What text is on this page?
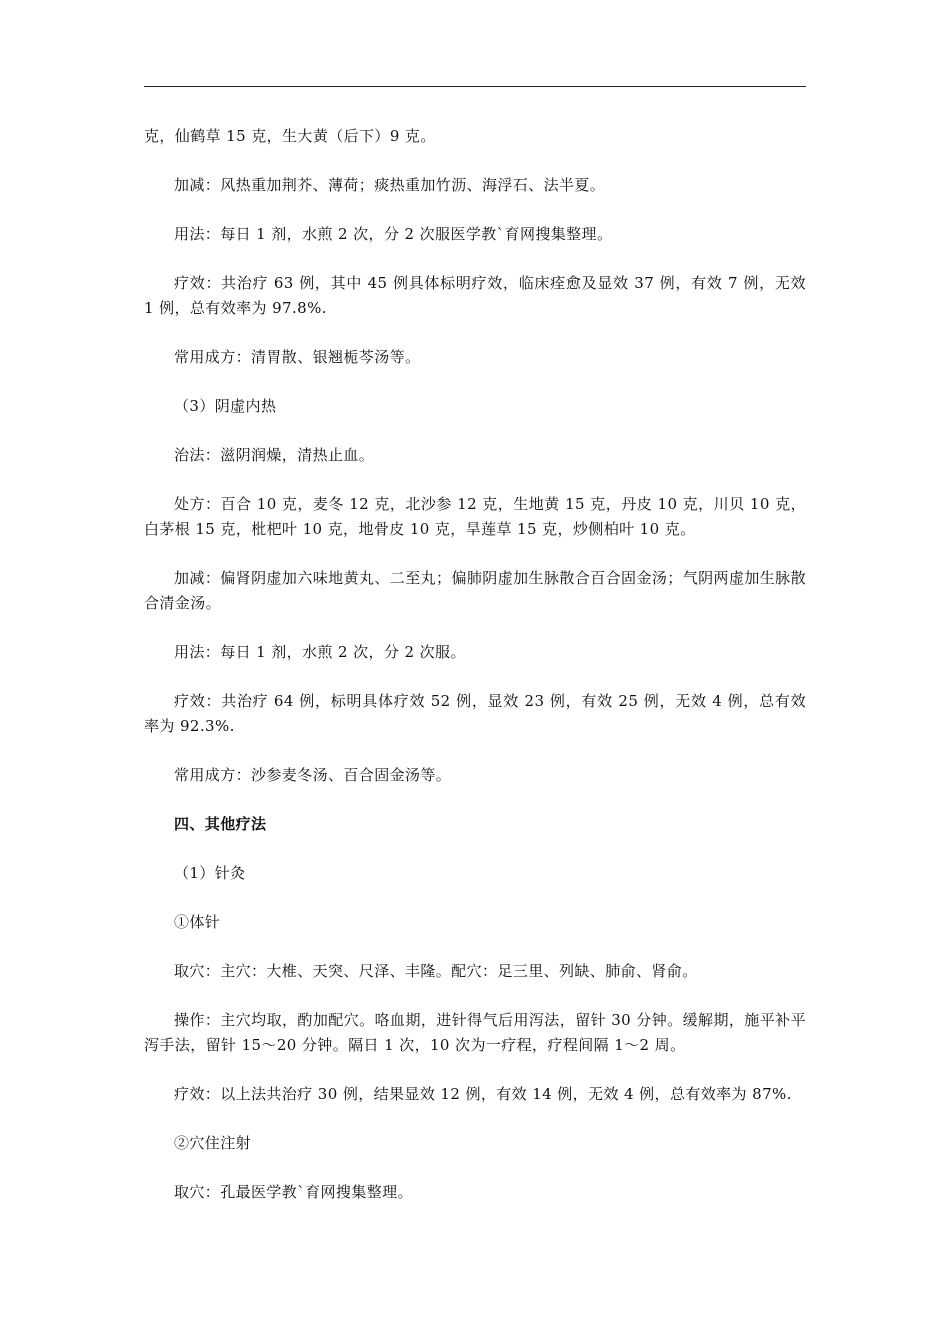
克，仙鹤草 15 克，生大黄（后下）9 克。

加减：风热重加荆芥、薄荷；痰热重加竹沥、海浮石、法半夏。

用法：每日 1 剂，水煎 2 次，分 2 次服医学教`育网搜集整理。

疗效：共治疗 63 例，其中 45 例具体标明疗效，临床痊愈及显效 37 例，有效 7 例，无效 1 例，总有效率为 97.8%.

常用成方：清胃散、银翘栀芩汤等。

（3）阴虚内热

治法：滋阴润燥，清热止血。

处方：百合 10 克，麦冬 12 克，北沙参 12 克，生地黄 15 克，丹皮 10 克，川贝 10 克，白茅根 15 克，枇杷叶 10 克，地骨皮 10 克，旱莲草 15 克，炒侧柏叶 10 克。

加减：偏肾阴虚加六味地黄丸、二至丸；偏肺阴虚加生脉散合百合固金汤；气阴两虚加生脉散合清金汤。

用法：每日 1 剂，水煎 2 次，分 2 次服。

疗效：共治疗 64 例，标明具体疗效 52 例，显效 23 例，有效 25 例，无效 4 例，总有效率为 92.3%.

常用成方：沙参麦冬汤、百合固金汤等。

四、其他疗法

（1）针灸

①体针

取穴：主穴：大椎、天突、尺泽、丰隆。配穴：足三里、列缺、肺俞、肾俞。

操作：主穴均取，酌加配穴。咯血期，进针得气后用泻法，留针 30 分钟。缓解期，施平补平泻手法，留针 15～20 分钟。隔日 1 次，10 次为一疗程，疗程间隔 1～2 周。

疗效：以上法共治疗 30 例，结果显效 12 例，有效 14 例，无效 4 例，总有效率为 87%.

②穴住注射

取穴：孔最医学教`育网搜集整理。
